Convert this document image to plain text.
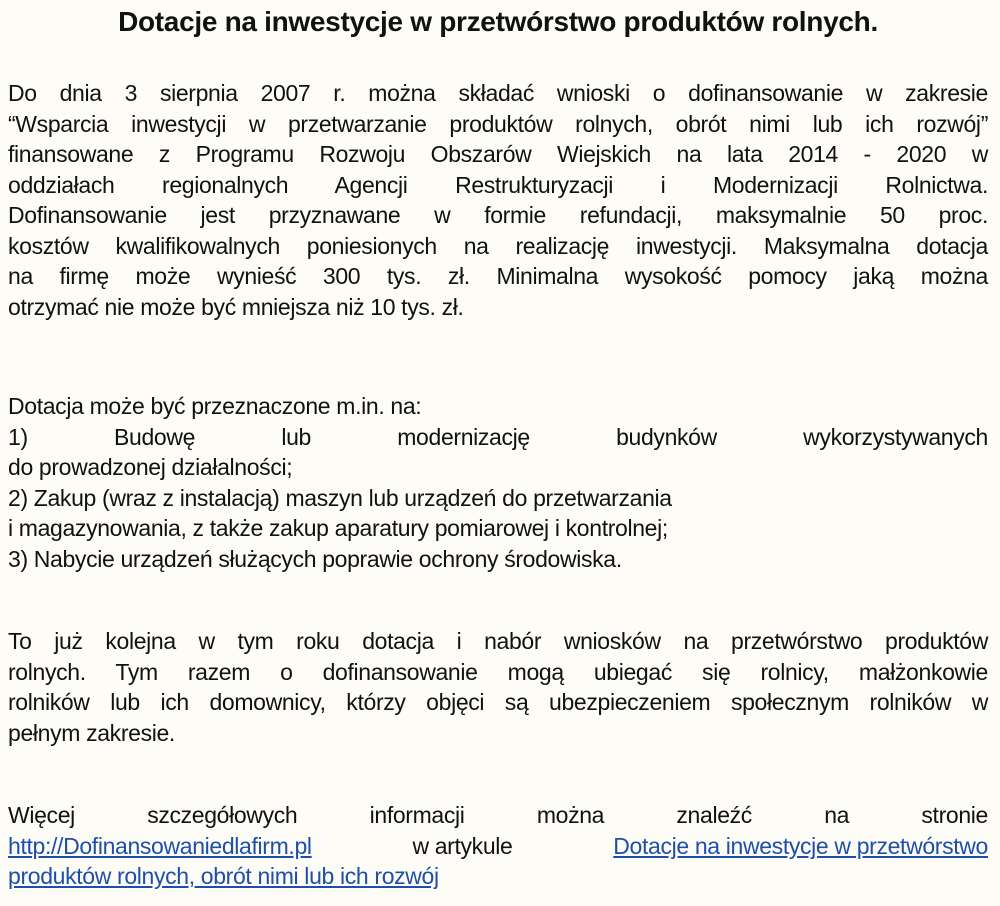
Dotacje na inwestycje w przetwórstwo produktów rolnych.
Do dnia 3 sierpnia 2007 r. można składać wnioski o dofinansowanie w zakresie
“Wsparcia inwestycji w przetwarzanie produktów rolnych, obrót nimi lub ich rozwój”
finansowane z Programu Rozwoju Obszarów Wiejskich na lata 2014 - 2020 w
oddziałach regionalnych Agencji Restrukturyzacji i Modernizacji Rolnictwa.
Dofinansowanie jest przyznawane w formie refundacji, maksymalnie 50 proc.
kosztów kwalifikowalnych poniesionych na realizację inwestycji. Maksymalna dotacja
na firmę może wynieść 300 tys. zł. Minimalna wysokość pomocy jaką można
otrzymać nie może być mniejsza niż 10 tys. zł.
Dotacja może być przeznaczone m.in. na:
1)	Budowę	lub	modernizację	budynków	wykorzystywanych
do prowadzonej działalności;
2) Zakup (wraz z instalacją) maszyn lub urządzeń do przetwarzania
i magazynowania, z także zakup aparatury pomiarowej i kontrolnej;
3) Nabycie urządzeń służących poprawie ochrony środowiska.
To już kolejna w tym roku dotacja i nabór wniosków na przetwórstwo produktów
rolnych. Tym razem o dofinansowanie mogą ubiegać się rolnicy, małżonkowie
rolników lub ich domownicy, którzy objęci są ubezpieczeniem społecznym rolników w
pełnym zakresie.
Więcej	szczegółowych	informacji	można	znaleźć	na	stronie
http://Dofinansowaniedlafirm.pl	w artykule	Dotacje na inwestycje w przetwórstwo
produktów rolnych, obrót nimi lub ich rozwój
